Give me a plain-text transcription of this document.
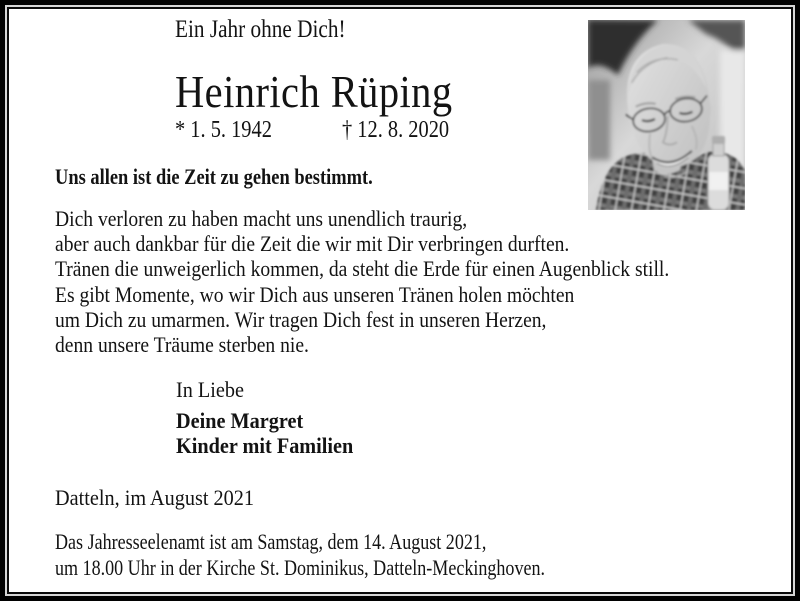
Ein Jahr ohne Dich!
Heinrich Rüping
* 1. 5. 1942	† 12. 8. 2020
Uns allen ist die Zeit zu gehen bestimmt.
Dich verloren zu haben macht uns unendlich traurig,
aber auch dankbar für die Zeit die wir mit Dir verbringen durften.
Tränen die unweigerlich kommen, da steht die Erde für einen Augenblick still.
Es gibt Momente, wo wir Dich aus unseren Tränen holen möchten
um Dich zu umarmen. Wir tragen Dich fest in unseren Herzen,
denn unsere Träume sterben nie.
In Liebe
Deine Margret
Kinder mit Familien
Datteln, im August 2021
Das Jahresseelenamt ist am Samstag, dem 14. August 2021,
um 18.00 Uhr in der Kirche St. Dominikus, Datteln-Meckinghoven.
